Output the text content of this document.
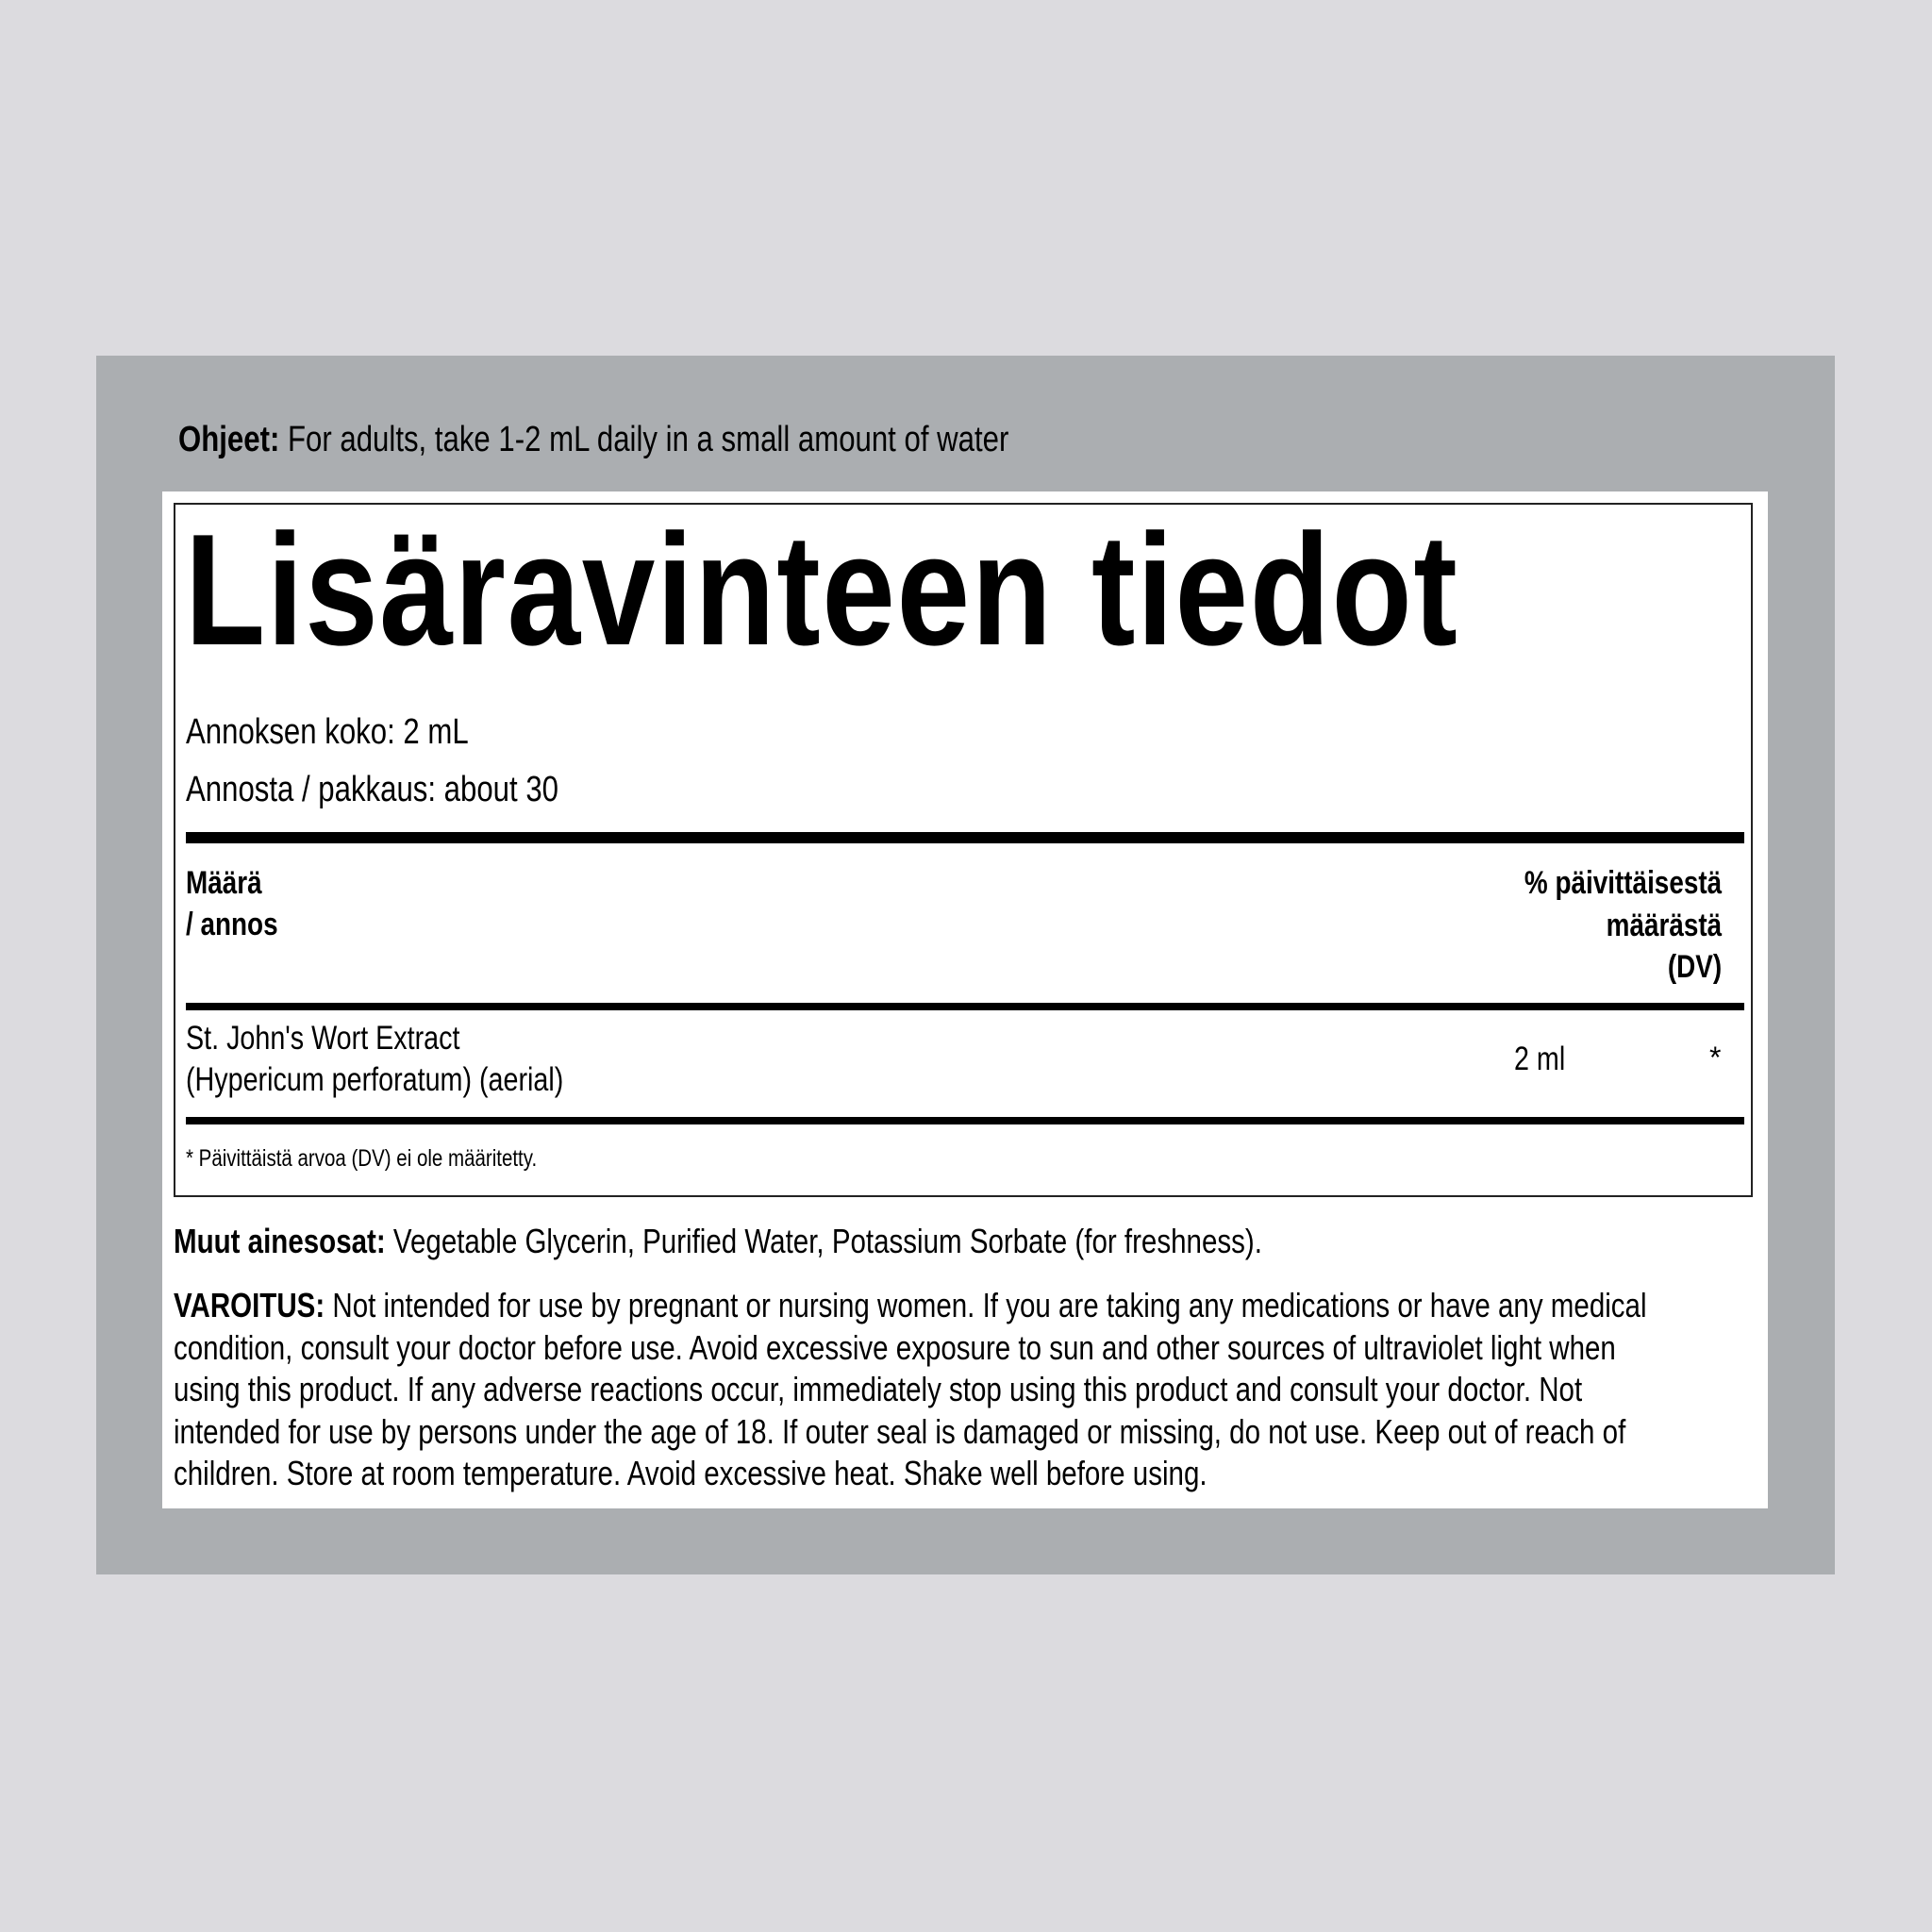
Ohjeet: For adults, take 1-2 mL daily in a small amount of water
Lisäravinteen tiedot
Annoksen koko: 2 mL
Annosta / pakkaus: about 30
Määrä
/ annos
% päivittäisestä
määrästä
(DV)
St. John's Wort Extract
(Hypericum perforatum) (aerial)
2 ml	*
* Päivittäistä arvoa (DV) ei ole määritetty.
Muut ainesosat: Vegetable Glycerin, Purified Water, Potassium Sorbate (for freshness).
VAROITUS: Not intended for use by pregnant or nursing women. If you are taking any medications or have any medical
condition, consult your doctor before use. Avoid excessive exposure to sun and other sources of ultraviolet light when
using this product. If any adverse reactions occur, immediately stop using this product and consult your doctor. Not
intended for use by persons under the age of 18. If outer seal is damaged or missing, do not use. Keep out of reach of
children. Store at room temperature. Avoid excessive heat. Shake well before using.
